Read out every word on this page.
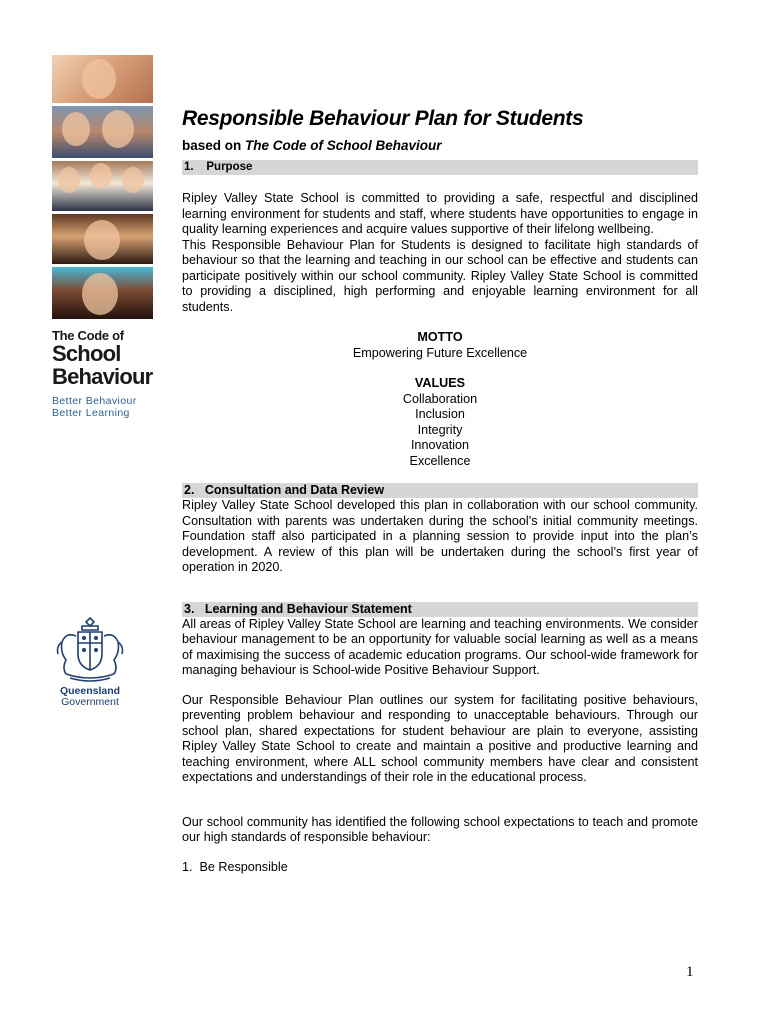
The Code of
School
Behaviour
Better Behaviour
Better Learning
Queensland
Government
Responsible Behaviour Plan for Students
based on The Code of School Behaviour
1.    Purpose
Ripley Valley State School is committed to providing a safe, respectful and disciplined learning environment for students and staff, where students have opportunities to engage in quality learning experiences and acquire values supportive of their lifelong wellbeing.
This Responsible Behaviour Plan for Students is designed to facilitate high standards of behaviour so that the learning and teaching in our school can be effective and students can participate positively within our school community. Ripley Valley State School is committed to providing a disciplined, high performing and enjoyable learning environment for all students.
MOTTO
Empowering Future Excellence
VALUES
Collaboration
Inclusion
Integrity
Innovation
Excellence
2.   Consultation and Data Review
Ripley Valley State School developed this plan in collaboration with our school community. Consultation with parents was undertaken during the school’s initial community meetings. Foundation staff also participated in a planning session to provide input into the plan’s development. A review of this plan will be undertaken during the school’s first year of operation in 2020.
3.   Learning and Behaviour Statement
All areas of Ripley Valley State School are learning and teaching environments. We consider behaviour management to be an opportunity for valuable social learning as well as a means of maximising the success of academic education programs. Our school-wide framework for managing behaviour is School-wide Positive Behaviour Support.
Our Responsible Behaviour Plan outlines our system for facilitating positive behaviours, preventing problem behaviour and responding to unacceptable behaviours. Through our school plan, shared expectations for student behaviour are plain to everyone, assisting Ripley Valley State School to create and maintain a positive and productive learning and teaching environment, where ALL school community members have clear and consistent expectations and understandings of their role in the educational process.
Our school community has identified the following school expectations to teach and promote our high standards of responsible behaviour:
1.  Be Responsible
1
